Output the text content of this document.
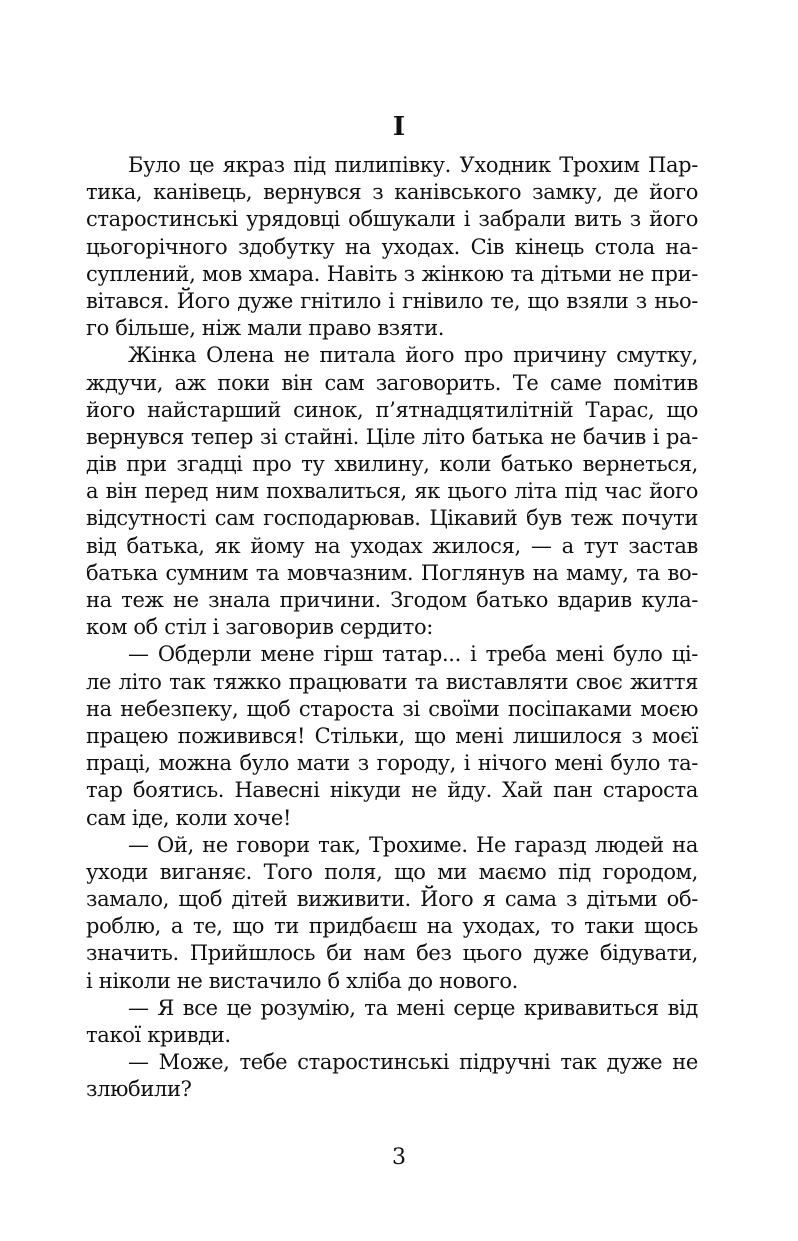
I
Було це якраз під пилипівку. Уходник Трохим Пар-
тика, канівець, вернувся з канівського замку, де його
старостинські урядовці обшукали і забрали вить з його
цьогорічного здобутку на уходах. Сів кінець стола на-
суплений, мов хмара. Навіть з жінкою та дітьми не при-
вітався. Його дуже гнітило і гнівило те, що взяли з ньо-
го більше, ніж мали право взяти.
Жінка Олена не питала його про причину смутку,
ждучи, аж поки він сам заговорить. Те саме помітив
його найстарший синок, п’ятнадцятилітній Тарас, що
вернувся тепер зі стайні. Ціле літо батька не бачив і ра-
дів при згадці про ту хвилину, коли батько вернеться,
а він перед ним похвалиться, як цього літа під час його
відсутності сам господарював. Цікавий був теж почути
від батька, як йому на уходах жилося, — а тут застав
батька сумним та мовчазним. Поглянув на маму, та во-
на теж не знала причини. Згодом батько вдарив кула-
ком об стіл і заговорив сердито:
— Обдерли мене гірш татар... і треба мені було ці-
ле літо так тяжко працювати та виставляти своє життя
на небезпеку, щоб староста зі своїми посіпаками моєю
працею поживився! Стільки, що мені лишилося з моєї
праці, можна було мати з городу, і нічого мені було та-
тар боятись. Навесні нікуди не йду. Хай пан староста
сам іде, коли хоче!
— Ой, не говори так, Трохиме. Не гаразд людей на
уходи виганяє. Того поля, що ми маємо під городом,
замало, щоб дітей виживити. Його я сама з дітьми об-
роблю, а те, що ти придбаєш на уходах, то таки щось
значить. Прийшлось би нам без цього дуже бідувати,
і ніколи не вистачило б хліба до нового.
— Я все це розумію, та мені серце кривавиться від
такої кривди.
— Може, тебе старостинські підручні так дуже не
злюбили?
3
